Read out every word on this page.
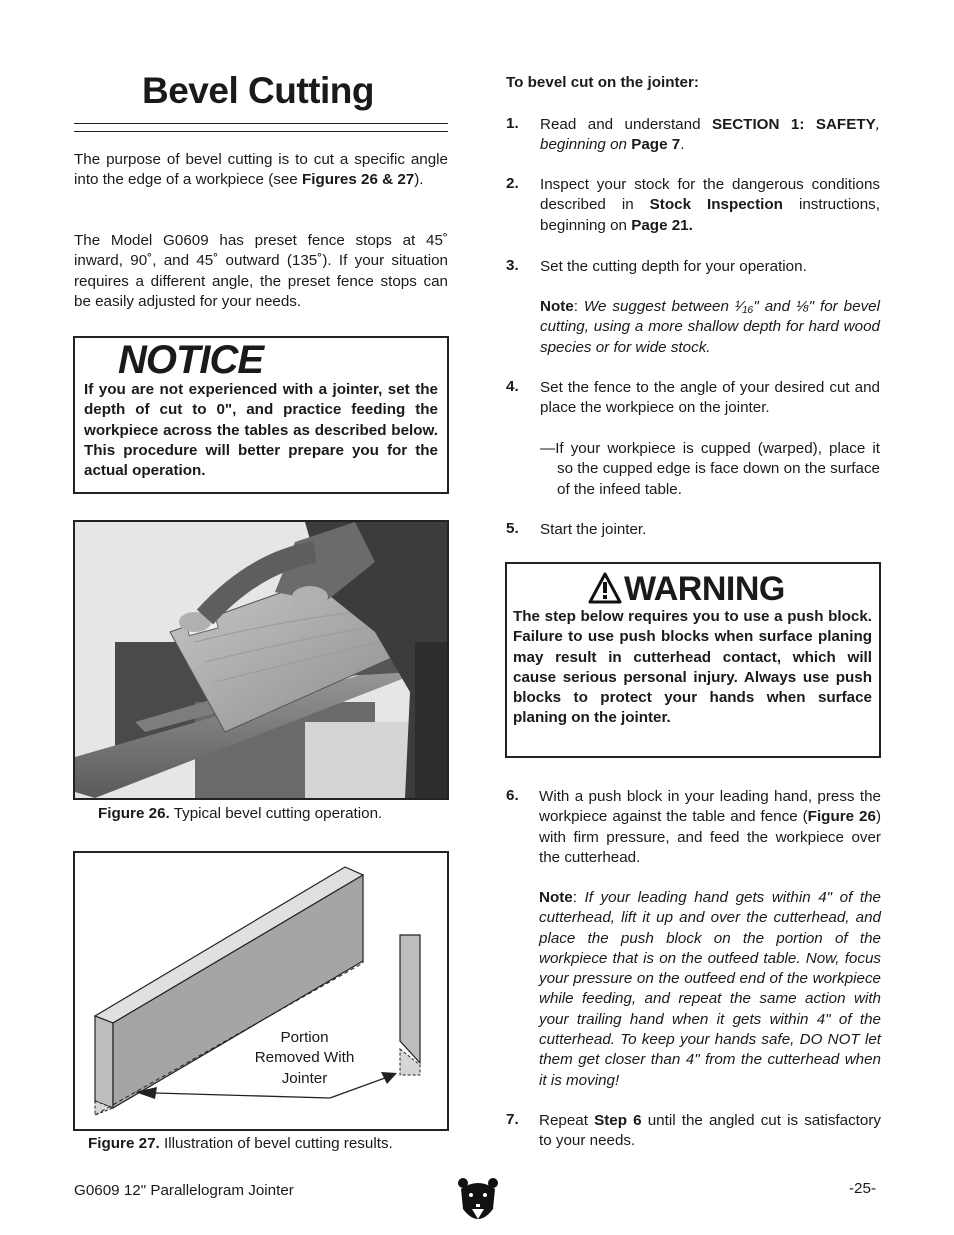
Bevel Cutting
The purpose of bevel cutting is to cut a specific angle into the edge of a workpiece (see Figures 26 & 27).
The Model G0609 has preset fence stops at 45˚ inward, 90˚, and 45˚ outward (135˚). If your situation requires a different angle, the preset fence stops can be easily adjusted for your needs.
NOTICE
If you are not experienced with a jointer, set the depth of cut to 0", and practice feeding the workpiece across the tables as described below. This procedure will better prepare you for the actual operation.
Figure 26. Typical bevel cutting operation.
Portion
Removed With
Jointer
Figure 27. Illustration of bevel cutting results.
To bevel cut on the jointer:
1. Read and understand SECTION 1: SAFETY, beginning on Page 7.
2. Inspect your stock for the dangerous conditions described in Stock Inspection instructions, beginning on Page 21.
3. Set the cutting depth for your operation.
Note: We suggest between ¹⁄₁₆" and ⅛" for bevel cutting, using a more shallow depth for hard wood species or for wide stock.
4. Set the fence to the angle of your desired cut and place the workpiece on the jointer.
—If your workpiece is cupped (warped), place it so the cupped edge is face down on the surface of the infeed table.
5. Start the jointer.
WARNING
The step below requires you to use a push block. Failure to use push blocks when surface planing may result in cutterhead contact, which will cause serious personal injury. Always use push blocks to protect your hands when surface planing on the jointer.
6. With a push block in your leading hand, press the workpiece against the table and fence (Figure 26) with firm pressure, and feed the workpiece over the cutterhead.
Note: If your leading hand gets within 4" of the cutterhead, lift it up and over the cutterhead, and place the push block on the portion of the workpiece that is on the outfeed table. Now, focus your pressure on the outfeed end of the workpiece while feeding, and repeat the same action with your trailing hand when it gets within 4" of the cutterhead. To keep your hands safe, DO NOT let them get closer than 4" from the cutterhead when it is moving!
7. Repeat Step 6 until the angled cut is satisfactory to your needs.
G0609 12" Parallelogram Jointer	-25-
